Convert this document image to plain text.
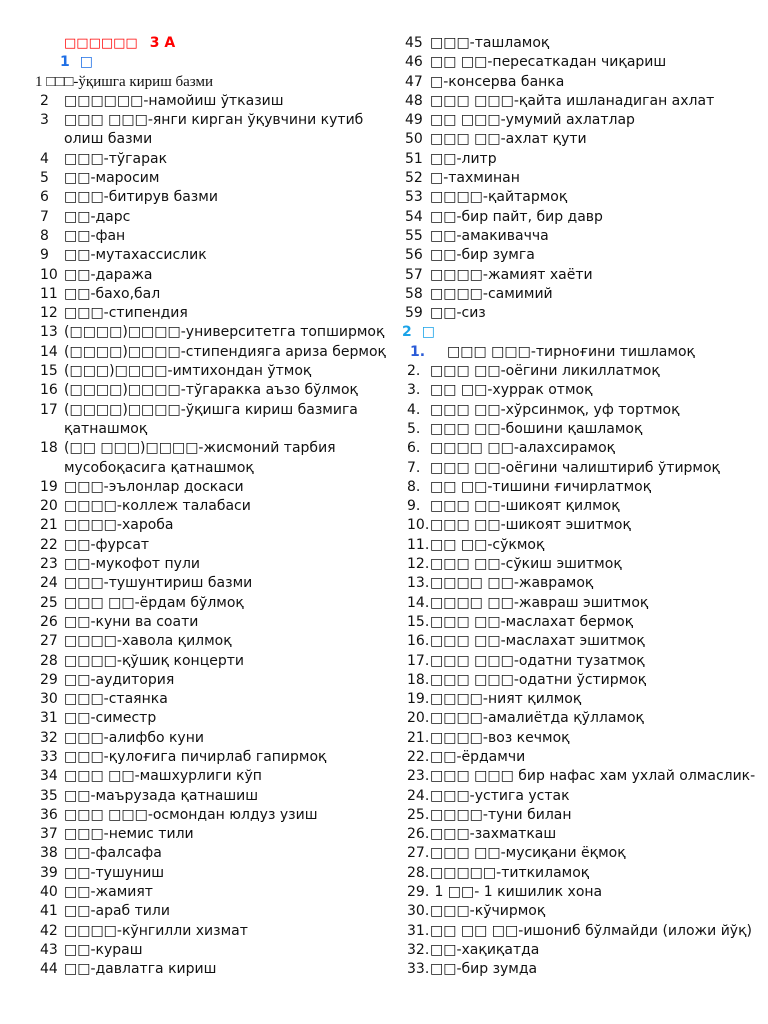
□□□□□□ 3 A
1 □
1 □□□-ўқишга кириш базми
2	□□□□□□-намойиш ўтказиш
3	□□□ □□□-янги кирган ўқувчини кутиб
олиш базми
4	□□□-тўгарак
5	□□-маросим
6	□□□-битирув базми
7	□□-дарс
8	□□-фан
9	□□-мутахассислик
10 □□-даража
11 □□-бахо,бал
12 □□□-стипендия
13 (□□□□)□□□□-университетга топширмоқ
14 (□□□□)□□□□-стипендияга ариза бермоқ
15 (□□□)□□□□-имтихондан ўтмоқ
16 (□□□□)□□□□-тўгаракка аъзо бўлмоқ
17 (□□□□)□□□□-ўқишга кириш базмига
қатнашмоқ
18 (□□ □□□)□□□□-жисмоний тарбия
мусобоқасига қатнашмоқ
19 □□□-эълонлар доскаси
20 □□□□-коллеж талабаси
21 □□□□-хароба
22 □□-фурсат
23 □□-мукофот пули
24 □□□-тушунтириш базми
25 □□□ □□-ёрдам бўлмоқ
26 □□-куни ва соати
27 □□□□-хавола қилмоқ
28 □□□□-қўшиқ концерти
29 □□-аудитория
30 □□□-стаянка
31 □□-симестр
32 □□□-алифбо куни
33 □□□-қулоғига пичирлаб гапирмоқ
34 □□□ □□-машхурлиги кўп
35 □□-маърузада қатнашиш
36 □□□ □□□-осмондан юлдуз узиш
37 □□□-немис тили
38 □□-фалсафа
39 □□-тушуниш
40 □□-жамият
41 □□-араб тили
42 □□□□-кўнгилли хизмат
43 □□-кураш
44 □□-давлатга кириш
45 □□□-ташламоқ
46 □□ □□-пересаткадан чиқариш
47 □-консерва банка
48 □□□ □□□-қайта ишланадиган ахлат
49 □□ □□□-умумий ахлатлар
50 □□□ □□-ахлат қути
51 □□-литр
52 □-тахминан
53 □□□□-қайтармоқ
54 □□-бир пайт, бир давр
55 □□-амакивачча
56 □□-бир зумга
57 □□□□-жамият хаёти
58 □□□□-самимий
59 □□-сиз
2 □
1.	□□□ □□□-тирноғини тишламоқ
2. □□□ □□-оёгини ликиллатмоқ
3. □□ □□-хуррак отмоқ
4. □□□ □□-хўрсинмоқ, уф тортмоқ
5. □□□ □□-бошини қашламоқ
6. □□□□ □□-алахсирамоқ
7. □□□ □□-оёгини чалиштириб ўтирмоқ
8. □□ □□-тишини ғичирлатмоқ
9. □□□ □□-шикоят қилмоқ
10. □□□ □□-шикоят эшитмоқ
11. □□ □□-сўкмоқ
12. □□□ □□-сўкиш эшитмоқ
13. □□□□ □□-жаврамоқ
14. □□□□ □□-жавраш эшитмоқ
15. □□□ □□-маслахат бермоқ
16. □□□ □□-маслахат эшитмоқ
17. □□□ □□□-одатни тузатмоқ
18. □□□ □□□-одатни ўстирмоқ
19. □□□□-ният қилмоқ
20. □□□□-амалиётда қўлламоқ
21. □□□□-воз кечмоқ
22. □□-ёрдамчи
23. □□□ □□□ бир нафас хам ухлай олмаслик-
24. □□□-устига устак
25. □□□□-туни билан
26. □□□-захматкаш
27. □□□ □□-мусиқани ёқмоқ
28. □□□□□-титкиламоқ
29. 1 □□- 1 кишилик хона
30. □□□-кўчирмоқ
31. □□ □□ □□-ишониб бўлмайди (иложи йўқ)
32. □□-хақиқатда
33. □□-бир зумда
